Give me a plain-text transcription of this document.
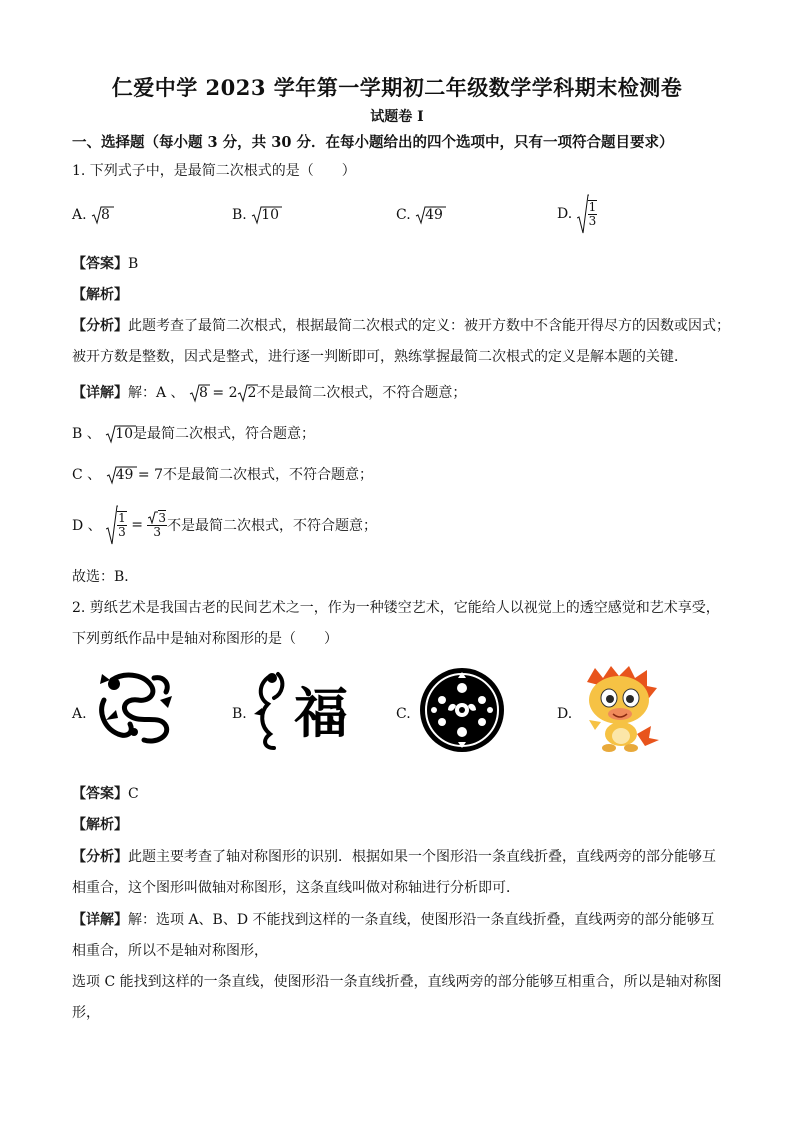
仁爱中学 2023 学年第一学期初二年级数学学科期末检测卷
试题卷 I
一、选择题（每小题 3 分，共 30 分．在每小题给出的四个选项中，只有一项符合题目要求）
1. 下列式子中，是最简二次根式的是（　　）
A. 8	B. 10	C. 49	D. $\frac{1}{3}$
【答案】B
【解析】
【分析】此题考查了最简二次根式，根据最简二次根式的定义：被开方数中不含能开得尽方的因数或因式；
被开方数是整数，因式是整式，进行逐一判断即可，熟练掌握最简二次根式的定义是解本题的关键．
【详解】解：A 、 8 = 2 2不是最简二次根式，不符合题意；
B 、 10是最简二次根式，符合题意；
C 、 49 = 7不是最简二次根式，不符合题意；
D 、 $\frac{1}{3} = \frac{3}{3}$ 不是最简二次根式，不符合题意；
故选：B．
2. 剪纸艺术是我国古老的民间艺术之一，作为一种镂空艺术，它能给人以视觉上的透空感觉和艺术享受，
下列剪纸作品中是轴对称图形的是（　　）
A.	B. 福	C.	D.
【答案】C
【解析】
【分析】此题主要考查了轴对称图形的识别．根据如果一个图形沿一条直线折叠，直线两旁的部分能够互
相重合，这个图形叫做轴对称图形，这条直线叫做对称轴进行分析即可．
【详解】解：选项 A、B、D 不能找到这样的一条直线，使图形沿一条直线折叠，直线两旁的部分能够互
相重合，所以不是轴对称图形，
选项 C 能找到这样的一条直线，使图形沿一条直线折叠，直线两旁的部分能够互相重合，所以是轴对称图
形，
